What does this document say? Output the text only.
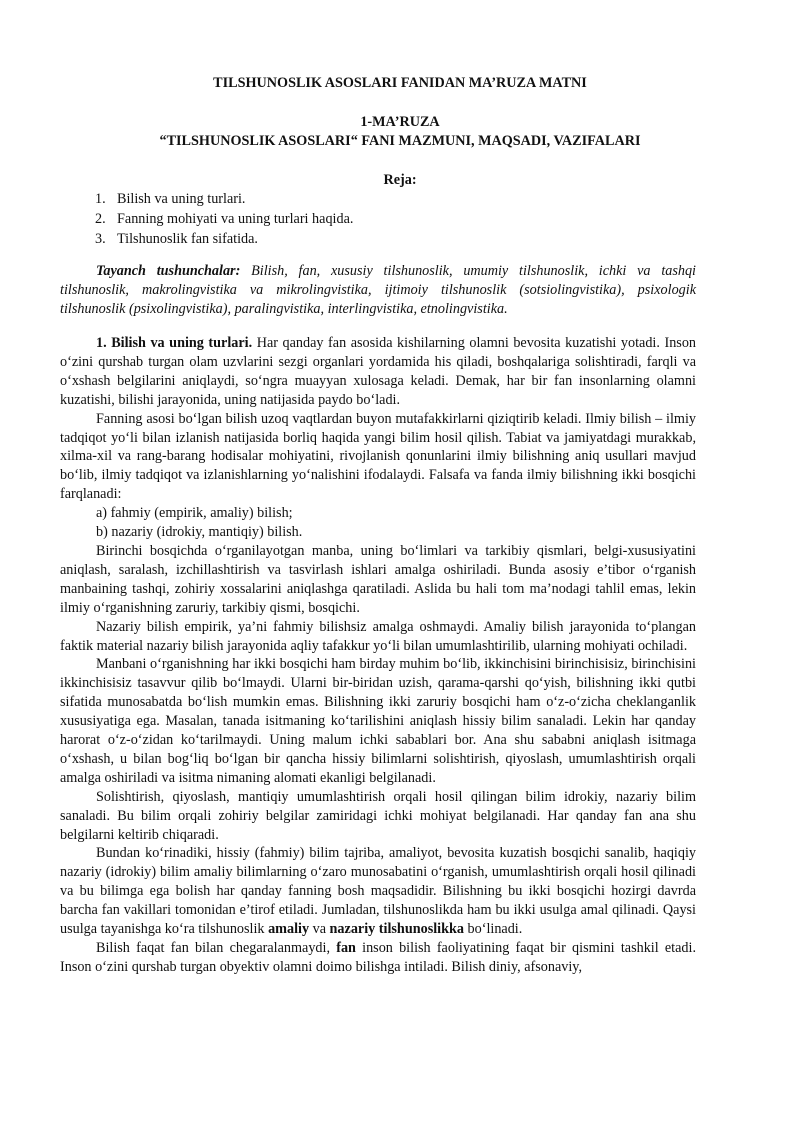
TILSHUNOSLIK ASOSLARI FANIDAN MA’RUZA MATNI
1-MA’RUZA
“TILSHUNOSLIK ASOSLARI“ FANI MAZMUNI, MAQSADI, VAZIFALARI
Reja:
1. Bilish va uning turlari.
2. Fanning mohiyati va uning turlari haqida.
3. Tilshunoslik fan sifatida.
Tayanch tushunchalar: Bilish, fan, xususiy tilshunoslik, umumiy tilshunoslik, ichki va tashqi tilshunoslik, makrolingvistika va mikrolingvistika, ijtimoiy tilshunoslik (sotsiolingvistika), psixologik tilshunoslik (psixolingvistika), paralingvistika, interlingvistika, etnolingvistika.

1. Bilish va uning turlari. Har qanday fan asosida kishilarning olamni bevosita kuzatishi yotadi. Inson o‘zini qurshab turgan olam uzvlarini sezgi organlari yordamida his qiladi, boshqalariga solishtiradi, farqli va o‘xshash belgilarini aniqlaydi, so‘ngra muayyan xulosaga keladi. Demak, har bir fan insonlarning olamni kuzatishi, bilishi jarayonida, uning natijasida paydo bo‘ladi.

Fanning asosi bo‘lgan bilish uzoq vaqtlardan buyon mutafakkirlarni qiziqtirib keladi. Ilmiy bilish – ilmiy tadqiqot yo‘li bilan izlanish natijasida borliq haqida yangi bilim hosil qilish. Tabiat va jamiyatdagi murakkab, xilma-xil va rang-barang hodisalar mohiyatini, rivojlanish qonunlarini ilmiy bilishning aniq usullari mavjud bo‘lib, ilmiy tadqiqot va izlanishlarning yo‘nalishini ifodalaydi. Falsafa va fanda ilmiy bilishning ikki bosqichi farqlanadi:

a) fahmiy (empirik, amaliy) bilish;

b) nazariy (idrokiy, mantiqiy) bilish.

Birinchi bosqichda o‘rganilayotgan manba, uning bo‘limlari va tarkibiy qismlari, belgi-xususiyatini aniqlash, saralash, izchillashtirish va tasvirlash ishlari amalga oshiriladi. Bunda asosiy e’tibor o‘rganish manbaining tashqi, zohiriy xossalarini aniqlashga qaratiladi. Aslida bu hali tom ma’nodagi tahlil emas, lekin ilmiy o‘rganishning zaruriy, tarkibiy qismi, bosqichi.

Nazariy bilish empirik, ya’ni fahmiy bilishsiz amalga oshmaydi. Amaliy bilish jarayonida to‘plangan faktik material nazariy bilish jarayonida aqliy tafakkur yo‘li bilan umumlashtirilib, ularning mohiyati ochiladi.

Manbani o‘rganishning har ikki bosqichi ham birday muhim bo‘lib, ikkinchisini birinchisisiz, birinchisini ikkinchisisiz tasavvur qilib bo‘lmaydi. Ularni bir-biridan uzish, qarama-qarshi qo‘yish, bilishning ikki qutbi sifatida munosabatda bo‘lish mumkin emas. Bilishning ikki zaruriy bosqichi ham o‘z-o‘zicha cheklanganlik xususiyatiga ega. Masalan, tanada isitmaning ko‘tarilishini aniqlash hissiy bilim sanaladi. Lekin har qanday harorat o‘z-o‘zidan ko‘tarilmaydi. Uning malum ichki sabablari bor. Ana shu sababni aniqlash isitmaga o‘xshash, u bilan bog‘liq bo‘lgan bir qancha hissiy bilimlarni solishtirish, qiyoslash, umumlashtirish orqali amalga oshiriladi va isitma nimaning alomati ekanligi belgilanadi.

Solishtirish, qiyoslash, mantiqiy umumlashtirish orqali hosil qilingan bilim idrokiy, nazariy bilim sanaladi. Bu bilim orqali zohiriy belgilar zamiridagi ichki mohiyat belgilanadi. Har qanday fan ana shu belgilarni keltirib chiqaradi.

Bundan ko‘rinadiki, hissiy (fahmiy) bilim tajriba, amaliyot, bevosita kuzatish bosqichi sanalib, haqiqiy nazariy (idrokiy) bilim amaliy bilimlarning o‘zaro munosabatini o‘rganish, umumlashtirish orqali hosil qilinadi va bu bilimga ega bolish har qanday fanning bosh maqsadidir. Bilishning bu ikki bosqichi hozirgi davrda barcha fan vakillari tomonidan e’tirof etiladi. Jumladan, tilshunoslikda ham bu ikki usulga amal qilinadi. Qaysi usulga tayanishga ko‘ra tilshunoslik amaliy va nazariy tilshunoslikka bo‘linadi.

Bilish faqat fan bilan chegaralanmaydi, fan inson bilish faoliyatining faqat bir qismini tashkil etadi. Inson o‘zini qurshab turgan obyektiv olamni doimo bilishga intiladi. Bilish diniy, afsonaviy,
